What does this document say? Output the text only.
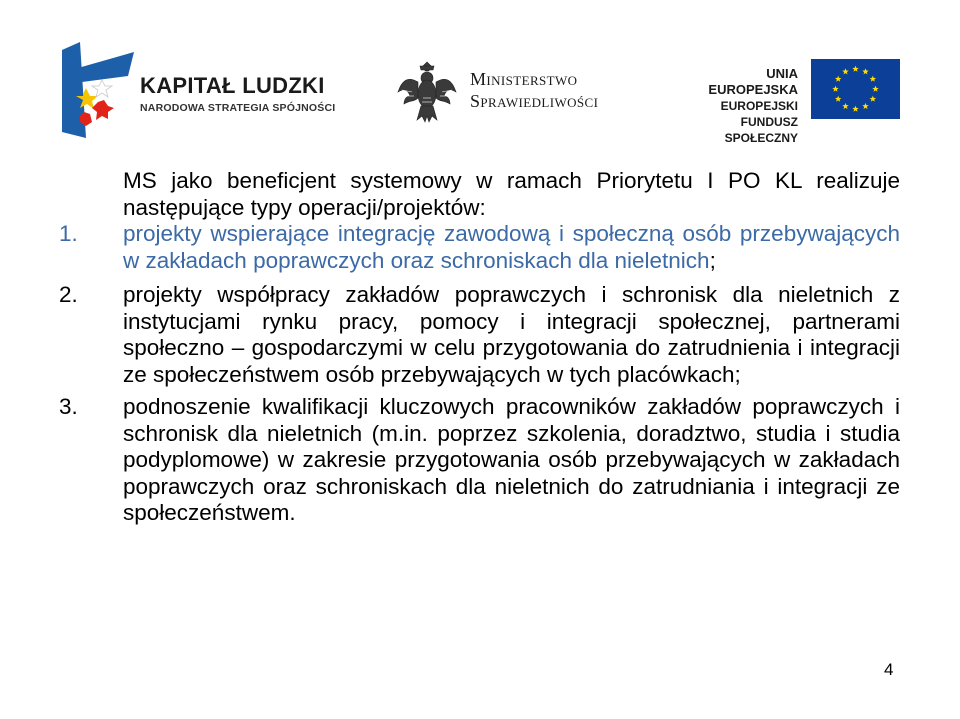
KAPITAŁ LUDZKI
NARODOWA STRATEGIA SPÓJNOŚCI
Ministerstwo
Sprawiedliwości
UNIA EUROPEJSKA
EUROPEJSKI
FUNDUSZ SPOŁECZNY
MS jako beneficjent systemowy w ramach Priorytetu I PO KL realizuje następujące typy operacji/projektów:
1. projekty wspierające integrację zawodową i społeczną osób przebywających w zakładach poprawczych oraz schroniskach dla nieletnich;
2. projekty współpracy zakładów poprawczych i schronisk dla nieletnich z instytucjami rynku pracy, pomocy i integracji społecznej, partnerami społeczno – gospodarczymi w celu przygotowania do zatrudnienia i integracji ze społeczeństwem osób przebywających w tych placówkach;
3. podnoszenie kwalifikacji kluczowych pracowników zakładów poprawczych i schronisk dla nieletnich (m.in. poprzez szkolenia, doradztwo, studia i studia podyplomowe) w zakresie przygotowania osób przebywających w zakładach poprawczych oraz schroniskach dla nieletnich do zatrudniania i integracji ze społeczeństwem.
4
